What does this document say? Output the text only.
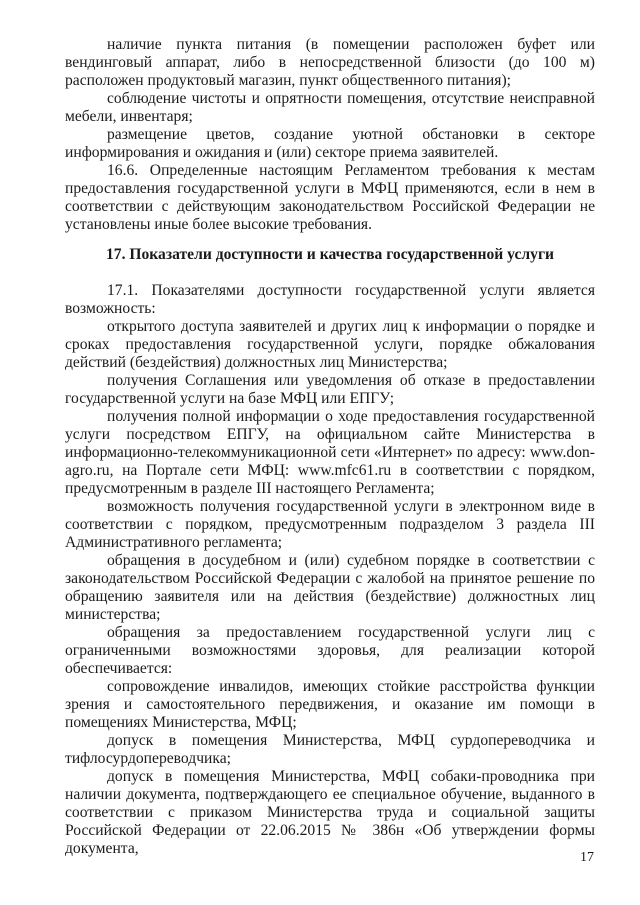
наличие пункта питания (в помещении расположен буфет или вендинговый аппарат, либо в непосредственной близости (до 100 м) расположен продуктовый магазин, пункт общественного питания);

соблюдение чистоты и опрятности помещения, отсутствие неисправной мебели, инвентаря;

размещение цветов, создание уютной обстановки в секторе информирования и ожидания и (или) секторе приема заявителей.

16.6. Определенные настоящим Регламентом требования к местам предоставления государственной услуги в МФЦ применяются, если в нем в соответствии с действующим законодательством Российской Федерации не установлены иные более высокие требования.

17. Показатели доступности и качества государственной услуги

17.1. Показателями доступности государственной услуги является возможность:

открытого доступа заявителей и других лиц к информации о порядке и сроках предоставления государственной услуги, порядке обжалования действий (бездействия) должностных лиц Министерства;

получения Соглашения или уведомления об отказе в предоставлении государственной услуги на базе МФЦ или ЕПГУ;

получения полной информации о ходе предоставления государственной услуги посредством ЕПГУ, на официальном сайте Министерства в информационно-телекоммуникационной сети «Интернет» по адресу: www.don-agro.ru, на Портале сети МФЦ: www.mfc61.ru в соответствии с порядком, предусмотренным в разделе III настоящего Регламента;

возможность получения государственной услуги в электронном виде в соответствии с порядком, предусмотренным подразделом 3 раздела III Административного регламента;

обращения в досудебном и (или) судебном порядке в соответствии с законодательством Российской Федерации с жалобой на принятое решение по обращению заявителя или на действия (бездействие) должностных лиц министерства;

обращения за предоставлением государственной услуги лиц с ограниченными возможностями здоровья, для реализации которой обеспечивается:

сопровождение инвалидов, имеющих стойкие расстройства функции зрения и самостоятельного передвижения, и оказание им помощи в помещениях Министерства, МФЦ;

допуск в помещения Министерства, МФЦ сурдопереводчика и тифлосурдопереводчика;

допуск в помещения Министерства, МФЦ собаки-проводника при наличии документа, подтверждающего ее специальное обучение, выданного в соответствии с приказом Министерства труда и социальной защиты Российской Федерации от 22.06.2015 № 386н «Об утверждении формы документа,

17
